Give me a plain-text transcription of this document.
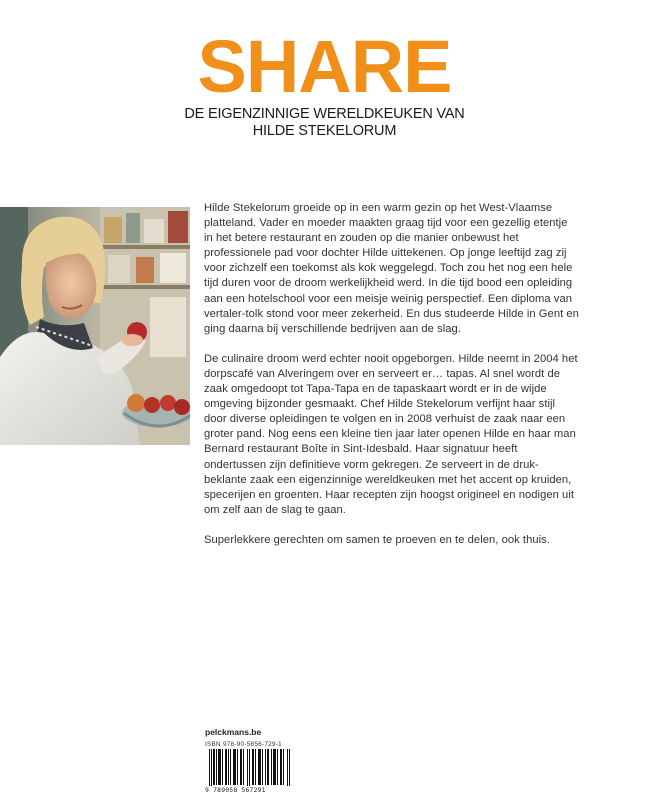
SHARE
DE EIGENZINNIGE WERELDKEUKEN VAN
HILDE STEKELORUM

Hilde Stekelorum groeide op in een warm gezin op het West-Vlaamse platteland. Vader en moeder maakten graag tijd voor een gezellig etentje in het betere restaurant en zouden op die manier onbewust het professionele pad voor dochter Hilde uittekenen. Op jonge leeftijd zag zij voor zichzelf een toekomst als kok weggelegd. Toch zou het nog een hele tijd duren voor de droom werkelijkheid werd. In die tijd bood een opleiding aan een hotelschool voor een meisje weinig perspectief. Een diploma van vertaler-tolk stond voor meer zekerheid. En dus studeerde Hilde in Gent en ging daarna bij verschillende bedrijven aan de slag.

De culinaire droom werd echter nooit opgeborgen. Hilde neemt in 2004 het dorpscafé van Alveringem over en serveert er… tapas. Al snel wordt de zaak omgedoopt tot Tapa-Tapa en de tapaskaart wordt er in de wijde omgeving bijzonder gesmaakt. Chef Hilde Stekelorum verfijnt haar stijl door diverse opleidingen te volgen en in 2008 verhuist de zaak naar een groter pand. Nog eens een kleine tien jaar later openen Hilde en haar man Bernard restaurant Boîte in Sint-Idesbald. Haar signatuur heeft ondertussen zijn definitieve vorm gekregen. Ze serveert in de druk-beklante zaak een eigenzinnige wereldkeuken met het accent op kruiden, specerijen en groenten. Haar recepten zijn hoogst origineel en nodigen uit om zelf aan de slag te gaan.

Superlekkere gerechten om samen te proeven en te delen, ook thuis.

pelckmans.be
ISBN 978-90-5856-729-1
9 789058 567291
